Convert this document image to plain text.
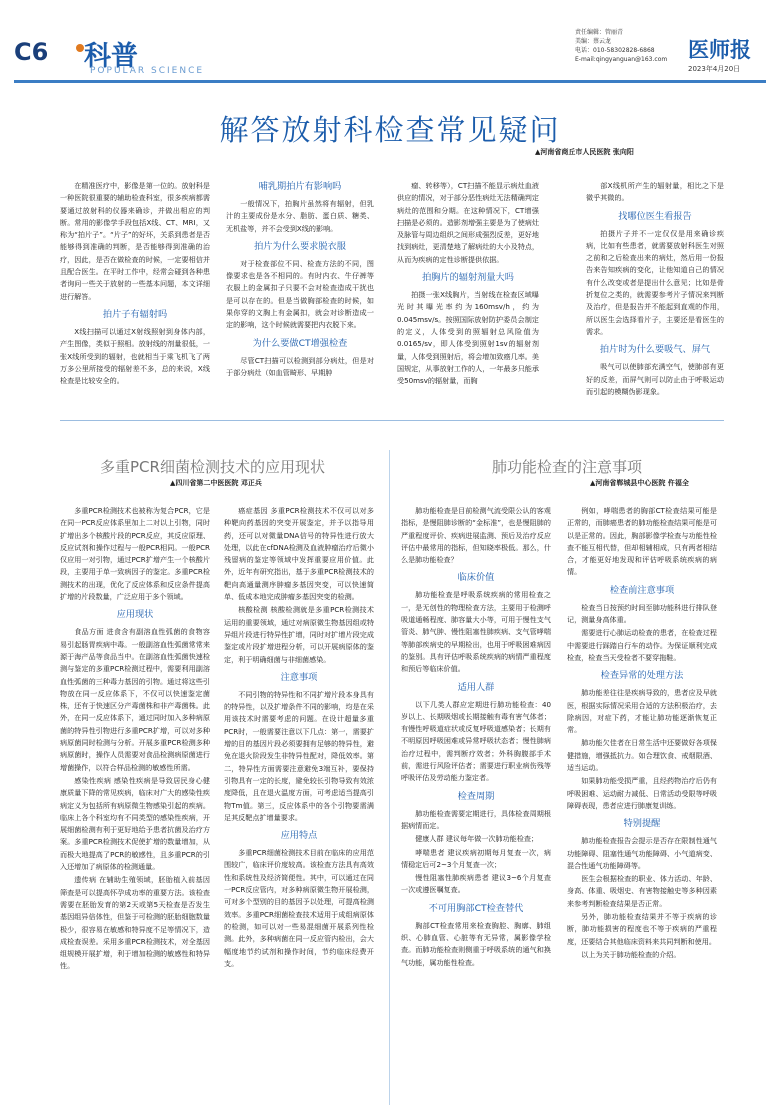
C6 科普
POPULAR SCIENCE
责任编辑：管丽青
美编：蔡云龙
电话：010-58302828-6868
E-mail:qingyanguan@163.com 医师报
2023年4月20日
解答放射科检查常见疑问
▲河南省商丘市人民医院 张向阳

在精准医疗中，影像是第一位的。放射科是一种医院很重要的辅助检查科室，很多疾病都需要通过放射科的仪器来确诊，并做出相应的判断。常用的影像学手段包括X线、CT、MRI，又称为“拍片子”。“片子”的好坏，关系到患者是否能够得到准确的判断，是否能够得到准确的治疗，因此，是否在做检查的时候，一定要相信并且配合医生。在平时工作中，经常会碰到各种患者询问一些关于放射的一些基本问题，本文详细进行解答。

拍片子有辐射吗

X线扫描可以通过X射线照射到身体内部，产生图像，类似于照相。放射线的剂量很低，一张X线所受到的辐射，也就相当于乘飞机飞了两万多公里所接受的辐射差不多，总的来说，X线检查是比较安全的。

哺乳期拍片有影响吗

一般情况下，拍胸片虽然将有辐射，但乳汁的主要成份是水分、脂肪、蛋白质、糖类、无机盐等，并不会受到X线的影响。

拍片为什么要求脱衣服

对于检查部位不同、检查方法的不同，图像要求也是各不相同的。有时内衣、牛仔裤等衣服上的金属扣子只要不会对检查造成干扰也是可以存在的。但是当做胸部检查的时候，如果你穿的文胸上有金属扣，就会对诊断造成一定的影响，这个时候就需要把内衣脱下来。

为什么要做CT增强检查

尽管CT扫描可以检测到部分病灶，但是对于部分病灶（如血管畸形、早期肿

瘤、转移等），CT扫描不能显示病灶血液供应的情况，对于部分恶性病灶无法精确判定病灶的范围和分期。在这种情况下，CT增强扫描是必须的。造影剂增强主要是为了使病灶及脉管与周边组织之间形成强烈反差，更好地找到病灶，更清楚地了解病灶的大小及特点，从而为疾病的定性诊断提供依据。

拍胸片的辐射剂量大吗

拍摄一张X线胸片，当射线在检查区域曝光时其曝光率约为160msv/h，约为0.045msv/s。按照国际放射防护委员会制定的定义，人体受到的照辐射总风险值为0.0165/sv，即人体受到照射1sv的辐射剂量，人体受到照射后，将会增加致癌几率。美国规定，从事放射工作的人，一年最多只能承受50msv的辐射量，而胸

部X线机所产生的辐射量，相比之下是微乎其微的。

找哪位医生看报告

拍摄片子并不一定仅仅是用来确诊疾病，比如有些患者，就需要放射科医生对照之前和之后检查出来的病灶，然后用一份报告来告知疾病的变化，让他知道自己的情况有什么改变或者是提出什么意见；比如是骨折复位之类的，就需要参考片子情况来判断及治疗，但是报告并不能起到直观的作用，所以医生会选择看片子，主要还是看医生的需求。

拍片时为什么要吸气、屏气

吸气可以使肺部充满空气，使肺部有更好的反差，而屏气则可以防止由于呼吸运动而引起的模糊伪影现象。

多重PCR细菌检测技术的应用现状
▲四川省第二中医医院 邓正兵

多重PCR检测技术也被称为复合PCR，它是在同一PCR反应体系里加上二对以上引物，同时扩增出多个核酸片段的PCR反应，其反应原理、反应试剂和操作过程与一般PCR相同。一般PCR仅应用一对引物，通过PCR扩增产生一个核酸片段，主要用于单一致病因子的鉴定。多重PCR检测技术的出现，优化了反应体系和反应条件提高扩增的片段数量，广泛应用于多个领域。

应用现状

食品方面 进食含有副溶血性弧菌的食物容易引起肠胃疾病中毒。一般副溶血性弧菌常常来源于海产品等食品当中。在副溶血性弧菌快速检测与鉴定的多重PCR检测过程中，需要利用副溶血性弧菌的三种毒力基因的引物。通过将这些引物放在同一反应体系下，不仅可以快速鉴定菌株，还有于快速区分产毒菌株和非产毒菌株。此外，在同一反应体系下，通过同时加入多种病原菌的特异性引物进行多重PCR扩增，可以对多种病原菌同时检测与分析。开展多重PCR检测多种病原菌时，操作人员需要对食品检测病原菌进行增菌操作，以符合样品检测的敏感性所需。

感染性疾病 感染性疾病是导致居民身心健康质量下降的常见疾病，临床对广大的感染性疾病定义为包括所有病原微生物感染引起的疾病。临床上各个科室均有不同类型的感染性疾病，开展细菌检测有利于更好地给予患者抗菌及治疗方案。多重PCR检测技术促使扩增的数量增加，从而极大地提高了PCR的敏感性，且多重PCR的引入还增加了病原体的检测通量。

遗传病 在辅助生殖领域，胚胎植入前基因筛查是可以提高怀孕成功率的重要方法。该检查需要在胚胎发育的第2天或第5天检查是否发生基因组异倍体性，但鉴于可检测的胚胎细胞数量极少，很容易在敏感和特异度不足等情况下，造成检查误差。采用多重PCR检测技术，对全基因组规模开展扩增，利于增加检测的敏感性和特异性。

癌症基因 多重PCR检测技术不仅可以对多种靶向药基因的突变开展鉴定，并予以指导用药，还可以对微量DNA信号的特异性进行放大处理，以此在cfDNA检测及血液肿瘤治疗后微小残留病的鉴定等领域中发挥重要应用价值。此外，近年有研究指出，基于多重PCR检测技术的靶向高通量测序肿瘤多基因突变，可以快速简单、低成本地完成肿瘤多基因突变的检测。

核酸检测 核酸检测就是多重PCR检测技术运用的重要领域，通过对病原微生物基因组或特异组片段进行特异性扩增，同时对扩增片段完成鉴定或片段扩增进程分析，可以开展病原体的鉴定，利于明确细菌与非细菌感染。

注意事项

不同引物的特异性和不同扩增片段本身具有的特异性，以及扩增条件不同的影响，均是在采用该技术时需要考虑的问题。在设计超量多重PCR时，一般需要注意以下几点：第一，需要扩增的目的基因片段必须要拥有足够的特异性，避免在退火阶段发生非特异性配对，降低效率。第二，特异性方面需要注意避免3端互补，要保持引物具有一定的长度，避免较长引物导致有效浓度降低，且在退火温度方面，可考虑适当提高引物Tm值。第三，反应体系中的各个引物要需满足其反靶点扩增量要求。

应用特点

多重PCR细菌检测技术目前在临床的应用范围较广，临床评价度较高。该检查方法具有高效性和系统性及经济简便性。其中，可以通过在同一PCR反应管内，对多种病原微生物开展检测，可对多个型别的目的基因予以处理，可提高检测效率。多重PCR细菌检查技术适用于成组病原体的检测，如可以对一些易混细菌开展系列性检测。此外，多种病菌在同一反应管内检出，会大幅度地节约试剂和操作时间，节约临床经费开支。

肺功能检查的注意事项
▲河南省郸城县中心医院 仵福全

肺功能检查是目前检测气流受限公认的客观指标，是慢阻肺诊断的“金标准”，也是慢阻肺的严重程度评价、疾病进展监测、预后及治疗反应评估中最常用的指标，但知晓率极低。那么，什么是肺功能检查？

临床价值

肺功能检查是呼吸系统疾病的常用检查之一，是无创性的物理检查方法，主要用于检测呼吸道通畅程度、肺容量大小等，可用于慢性支气管炎、肺气肿、慢性阻塞性肺疾病、支气管哮喘等肺部疾病史的早期检出，也用于呼吸困难病因的鉴别。具有评估呼吸系统疾病的病情严重程度和预后等临床价值。

适用人群

以下几类人群应定期进行肺功能检查：40岁以上、长期吸烟或长期接触有毒有害气体者；有慢性呼吸道症状或反复呼吸道感染者；长期有不明原因呼吸困难或异常呼吸状态者；慢性肺病治疗过程中，需判断疗效者；外科胸腹部手术前，需进行风险评估者；需要进行职业病伤残等呼吸评估及劳动能力鉴定者。

检查周期

肺功能检查需要定期进行，具体检查周期根据病情而定。

健康人群 建议每年做一次肺功能检查；

哮喘患者 建议疾病初期每月复查一次，病情稳定后可2~3个月复查一次；

慢性阻塞性肺疾病患者 建议3~6个月复查一次或遵医嘱复查。

不可用胸部CT检查替代

胸部CT检查常用来检查胸腔、胸廓、肺组织、心肺血管、心脏等有无异常，属影像学检查。而肺功能检查则侧重于呼吸系统的通气和换气功能，属功能性检查。

例如，哮喘患者的胸部CT检查结果可能是正常的，而肺癌患者的肺功能检查结果可能是可以是正常的。因此，胸部影像学检查与功能性检查不能互相代替，但却相辅相成，只有两者相结合，才能更好地发现和评估呼吸系统疾病的病情。

检查前注意事项

检查当日按预约时间至肺功能科进行排队登记，测量身高体重。

需要进行心肺运动检查的患者，在检查过程中需要进行踩踏自行车的动作。为保证顺利完成检查，检查当天受检者不要穿拖鞋。

检查异常的处理方法

肺功能差往往是疾病导致的，患者应及早就医，根据实际情况采用合适的方法积极治疗，去除病因，对症下药，才能让肺功能逐渐恢复正常。

肺功能欠佳者在日常生活中还要做好各项保健措施，增强抵抗力。如合理饮食、戒烟限酒、适当运动。

如果肺功能受损严重，且经药物治疗后仍有呼吸困难、运动耐力减低、日常活动受限等呼吸障碍表现，患者应进行肺康复训练。

特别提醒

肺功能检查报告会提示是否存在限制性通气功能障碍、阻塞性通气功能障碍、小气道病变、混合性通气功能障碍等。

医生会根据检查的职业、体力活动、年龄、身高、体重、吸烟史、有害物接触史等多种因素来参考判断检查结果是否正常。

另外，肺功能检查结果并不等于疾病的诊断，肺功能损害的程度也不等于疾病的严重程度，还要结合其他临床资料来共同判断和使用。

以上为关于肺功能检查的介绍。
